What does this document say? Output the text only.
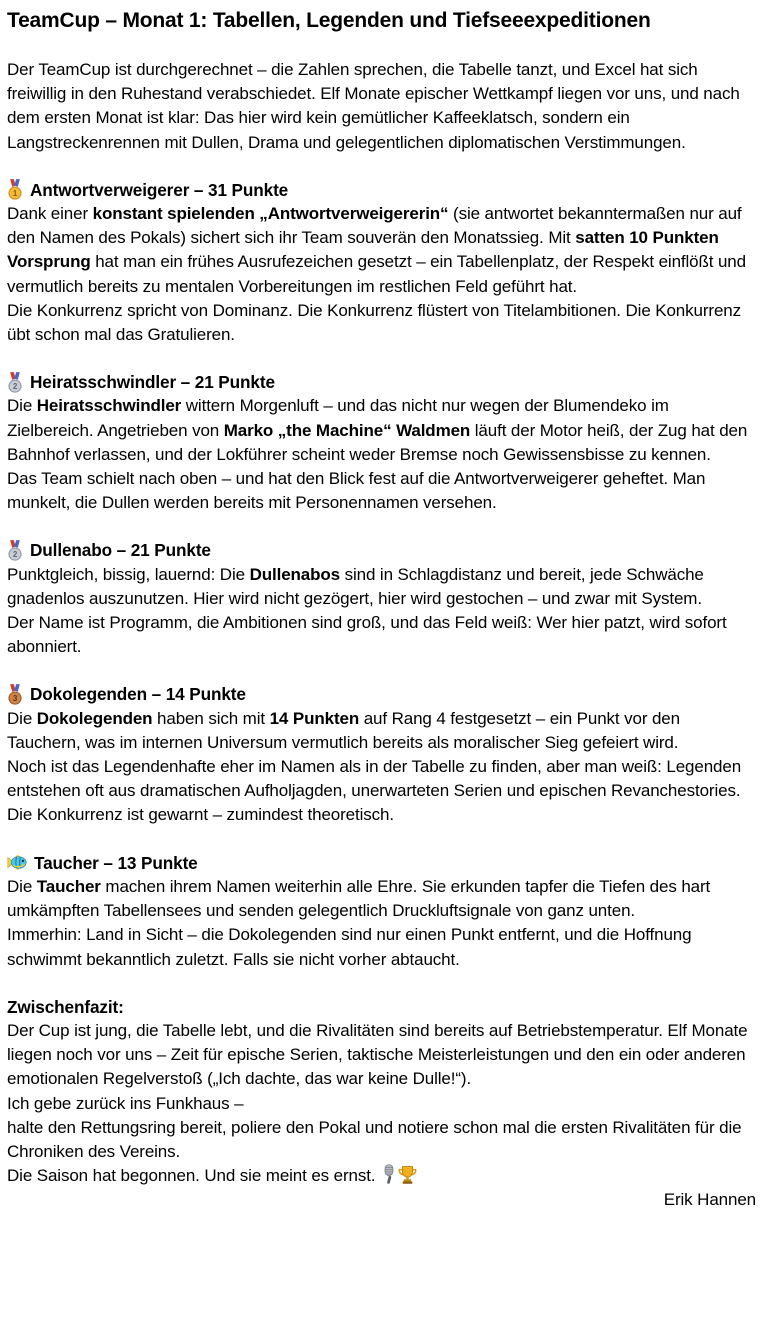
TeamCup – Monat 1: Tabellen, Legenden und Tiefseeexpeditionen

Der TeamCup ist durchgerechnet – die Zahlen sprechen, die Tabelle tanzt, und Excel hat sich freiwillig in den Ruhestand verabschiedet. Elf Monate epischer Wettkampf liegen vor uns, und nach dem ersten Monat ist klar: Das hier wird kein gemütlicher Kaffeeklatsch, sondern ein Langstreckenrennen mit Dullen, Drama und gelegentlichen diplomatischen Verstimmungen.

1 Antwortverweigerer – 31 Punkte

Dank einer konstant spielenden „Antwortverweigererin“ (sie antwortet bekanntermaßen nur auf den Namen des Pokals) sichert sich ihr Team souverän den Monatssieg. Mit satten 10 Punkten Vorsprung hat man ein frühes Ausrufezeichen gesetzt – ein Tabellenplatz, der Respekt einflößt und vermutlich bereits zu mentalen Vorbereitungen im restlichen Feld geführt hat.

Die Konkurrenz spricht von Dominanz. Die Konkurrenz flüstert von Titelambitionen. Die Konkurrenz übt schon mal das Gratulieren.

2 Heiratsschwindler – 21 Punkte

Die Heiratsschwindler wittern Morgenluft – und das nicht nur wegen der Blumendeko im Zielbereich. Angetrieben von Marko „the Machine“ Waldmen läuft der Motor heiß, der Zug hat den Bahnhof verlassen, und der Lokführer scheint weder Bremse noch Gewissensbisse zu kennen.

Das Team schielt nach oben – und hat den Blick fest auf die Antwortverweigerer geheftet. Man munkelt, die Dullen werden bereits mit Personennamen versehen.

2 Dullenabo – 21 Punkte

Punktgleich, bissig, lauernd: Die Dullenabos sind in Schlagdistanz und bereit, jede Schwäche gnadenlos auszunutzen. Hier wird nicht gezögert, hier wird gestochen – und zwar mit System.

Der Name ist Programm, die Ambitionen sind groß, und das Feld weiß: Wer hier patzt, wird sofort abonniert.

3 Dokolegenden – 14 Punkte

Die Dokolegenden haben sich mit 14 Punkten auf Rang 4 festgesetzt – ein Punkt vor den Tauchern, was im internen Universum vermutlich bereits als moralischer Sieg gefeiert wird.

Noch ist das Legendenhafte eher im Namen als in der Tabelle zu finden, aber man weiß: Legenden entstehen oft aus dramatischen Aufholjagden, unerwarteten Serien und epischen Revanchestories.

Die Konkurrenz ist gewarnt – zumindest theoretisch.

Taucher – 13 Punkte

Die Taucher machen ihrem Namen weiterhin alle Ehre. Sie erkunden tapfer die Tiefen des hart umkämpften Tabellensees und senden gelegentlich Druckluftsignale von ganz unten.

Immerhin: Land in Sicht – die Dokolegenden sind nur einen Punkt entfernt, und die Hoffnung schwimmt bekanntlich zuletzt. Falls sie nicht vorher abtaucht.

Zwischenfazit:

Der Cup ist jung, die Tabelle lebt, und die Rivalitäten sind bereits auf Betriebstemperatur. Elf Monate liegen noch vor uns – Zeit für epische Serien, taktische Meisterleistungen und den ein oder anderen emotionalen Regelverstoß („Ich dachte, das war keine Dulle!“).

Ich gebe zurück ins Funkhaus –

halte den Rettungsring bereit, poliere den Pokal und notiere schon mal die ersten Rivalitäten für die Chroniken des Vereins.

Die Saison hat begonnen. Und sie meint es ernst.

Erik Hannen
